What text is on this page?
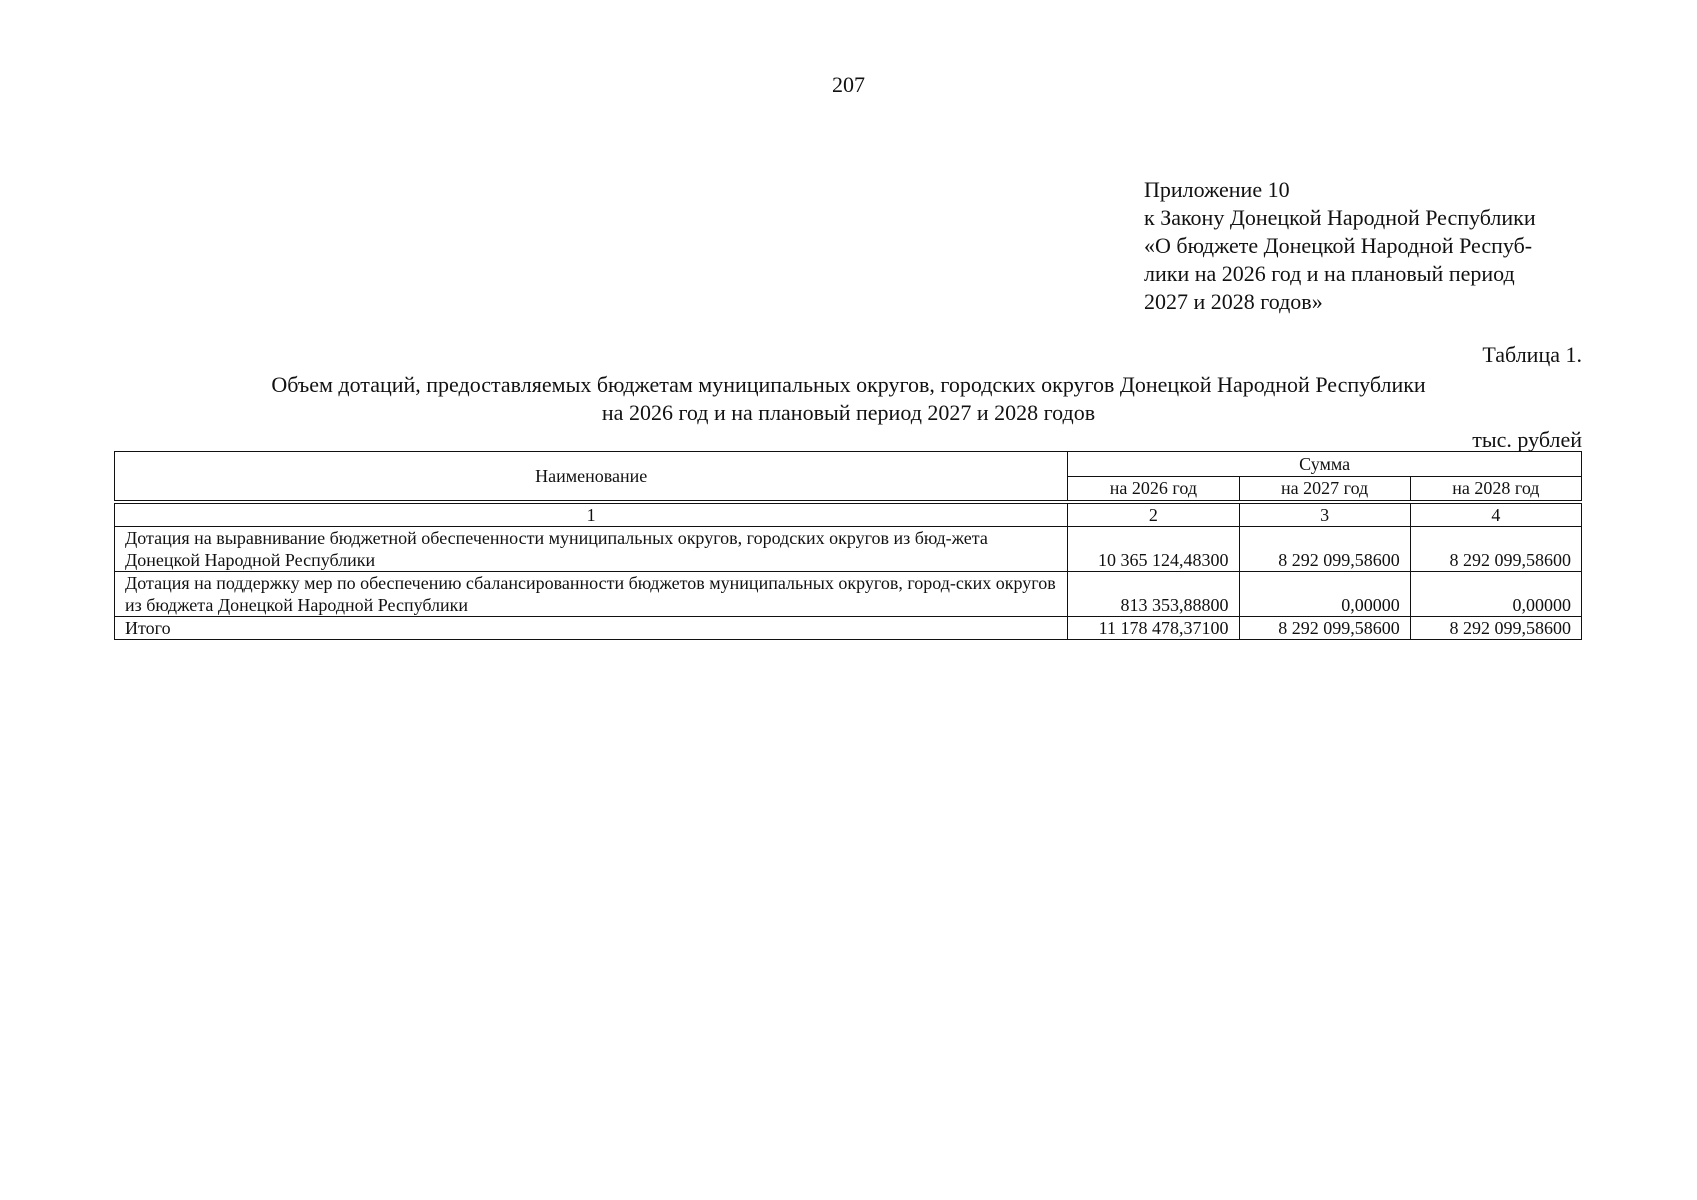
207
Приложение 10
к Закону Донецкой Народной Республики
«О бюджете Донецкой Народной Респуб-
лики на 2026 год и на плановый период
2027 и 2028 годов»
Таблица 1.
Объем дотаций, предоставляемых бюджетам муниципальных округов, городских округов Донецкой Народной Республики
на 2026 год и на плановый период 2027 и 2028 годов
тыс. рублей
Наименование	Сумма		
	на 2026 год	на 2027 год	на 2028 год

1	2	3	4
Дотация на выравнивание бюджетной обеспеченности муниципальных округов, городских округов из бюд-жета Донецкой Народной Республики	10 365 124,48300	8 292 099,58600	8 292 099,58600
Дотация на поддержку мер по обеспечению сбалансированности бюджетов муниципальных округов, город-ских округов из бюджета Донецкой Народной Республики	813 353,88800	0,00000	0,00000
Итого	11 178 478,37100	8 292 099,58600	8 292 099,58600
